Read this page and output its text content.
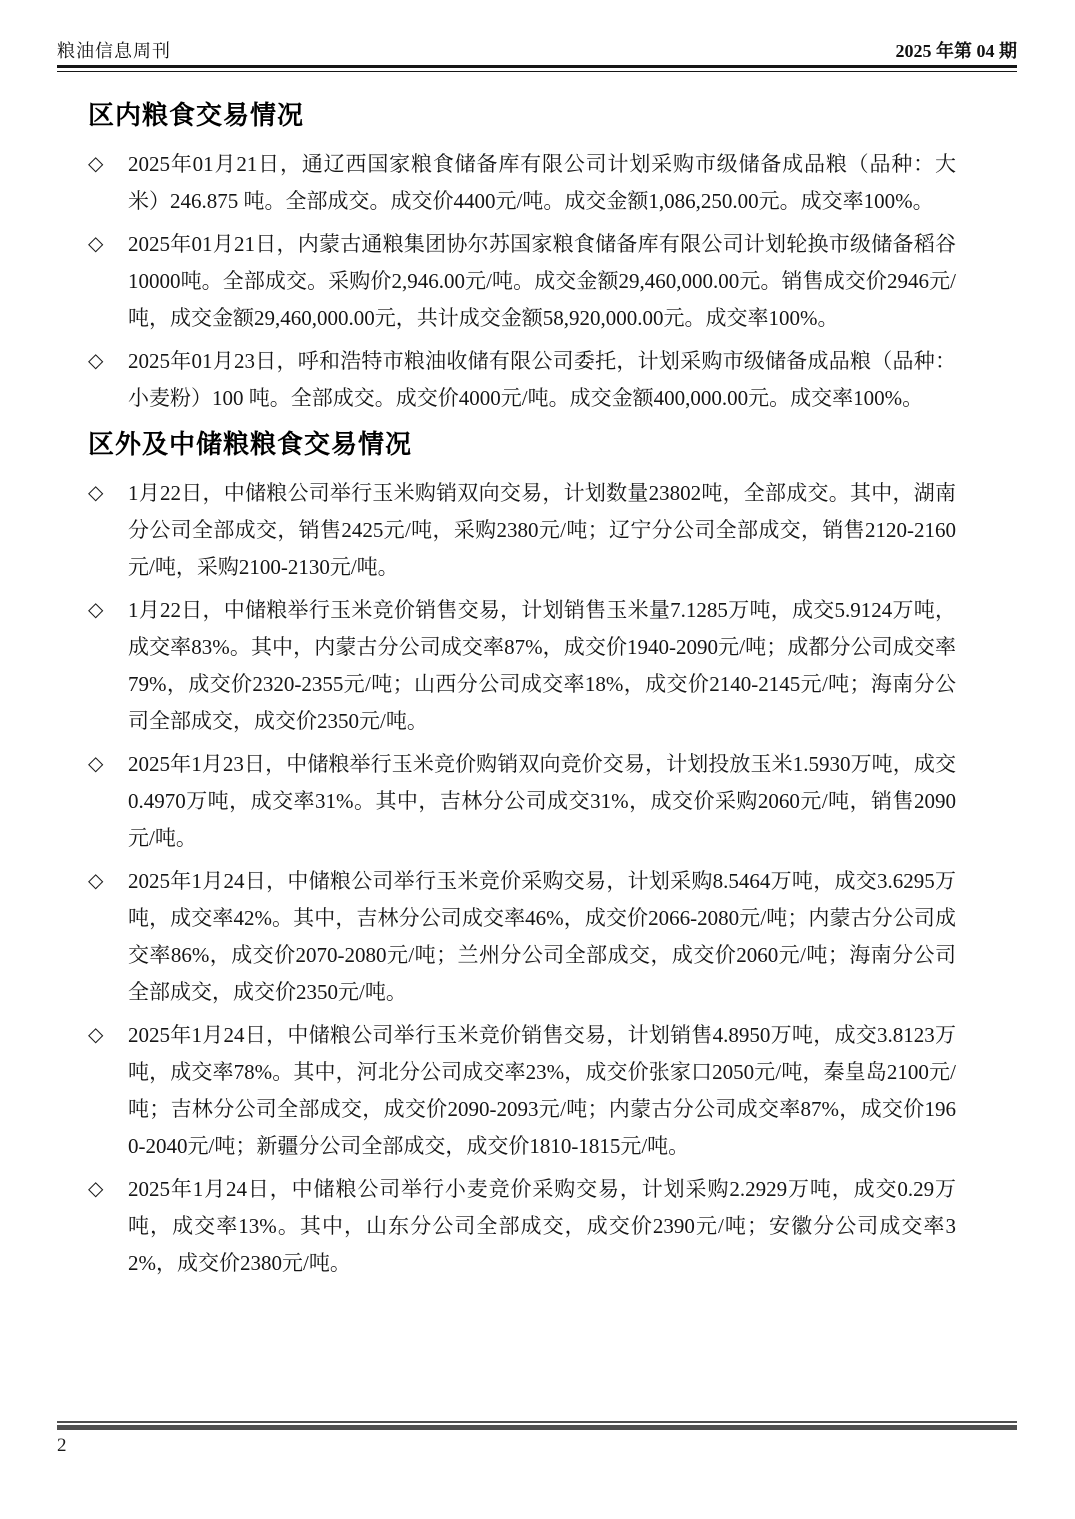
粮油信息周刊	2025 年第 04 期
区内粮食交易情况
◇	2025年01月21日，通辽西国家粮食储备库有限公司计划采购市级储备成品粮（品种：大米）246.875 吨。全部成交。成交价4400元/吨。成交金额1,086,250.00元。成交率100%。
◇	2025年01月21日，内蒙古通粮集团协尔苏国家粮食储备库有限公司计划轮换市级储备稻谷10000吨。全部成交。采购价2,946.00元/吨。成交金额29,460,000.00元。销售成交价2946元/吨，成交金额29,460,000.00元，共计成交金额58,920,000.00元。成交率100%。
◇	2025年01月23日，呼和浩特市粮油收储有限公司委托，计划采购市级储备成品粮（品种：小麦粉）100 吨。全部成交。成交价4000元/吨。成交金额400,000.00元。成交率100%。
区外及中储粮粮食交易情况
◇	1月22日，中储粮公司举行玉米购销双向交易，计划数量23802吨，全部成交。其中，湖南分公司全部成交，销售2425元/吨，采购2380元/吨；辽宁分公司全部成交，销售2120-2160元/吨，采购2100-2130元/吨。
◇	1月22日，中储粮举行玉米竞价销售交易，计划销售玉米量7.1285万吨，成交5.9124万吨，成交率83%。其中，内蒙古分公司成交率87%，成交价1940-2090元/吨；成都分公司成交率79%，成交价2320-2355元/吨；山西分公司成交率18%，成交价2140-2145元/吨；海南分公司全部成交，成交价2350元/吨。
◇	2025年1月23日，中储粮举行玉米竞价购销双向竞价交易，计划投放玉米1.5930万吨，成交0.4970万吨，成交率31%。其中，吉林分公司成交31%，成交价采购2060元/吨，销售2090元/吨。
◇	2025年1月24日，中储粮公司举行玉米竞价采购交易，计划采购8.5464万吨，成交3.6295万吨，成交率42%。其中，吉林分公司成交率46%，成交价2066-2080元/吨；内蒙古分公司成交率86%，成交价2070-2080元/吨；兰州分公司全部成交，成交价2060元/吨；海南分公司全部成交，成交价2350元/吨。
◇	2025年1月24日，中储粮公司举行玉米竞价销售交易，计划销售4.8950万吨，成交3.8123万吨，成交率78%。其中，河北分公司成交率23%，成交价张家口2050元/吨，秦皇岛2100元/吨；吉林分公司全部成交，成交价2090-2093元/吨；内蒙古分公司成交率87%，成交价1960-2040元/吨；新疆分公司全部成交，成交价1810-1815元/吨。
◇	2025年1月24日，中储粮公司举行小麦竞价采购交易，计划采购2.2929万吨，成交0.29万吨，成交率13%。其中，山东分公司全部成交，成交价2390元/吨；安徽分公司成交率32%，成交价2380元/吨。
2
